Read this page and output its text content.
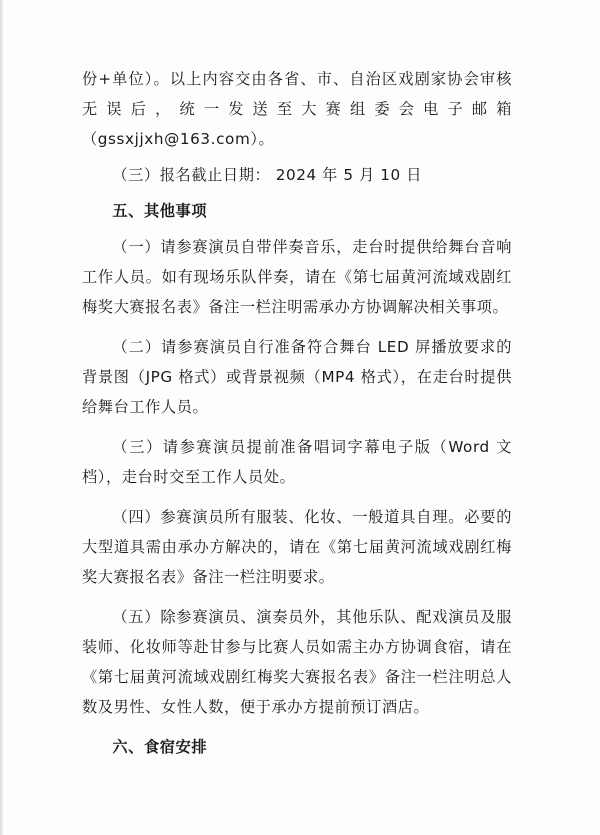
份+单位）。以上内容交由各省、市、自治区戏剧家协会审核无误后，统一发送至大赛组委会电子邮箱（gssxjjxh@163.com）。

（三）报名截止日期： 2024 年 5 月 10 日

五、其他事项

（一）请参赛演员自带伴奏音乐，走台时提供给舞台音响工作人员。如有现场乐队伴奏，请在《第七届黄河流域戏剧红梅奖大赛报名表》备注一栏注明需承办方协调解决相关事项。

（二）请参赛演员自行准备符合舞台 LED 屏播放要求的背景图（JPG 格式）或背景视频（MP4 格式），在走台时提供给舞台工作人员。

（三）请参赛演员提前准备唱词字幕电子版（Word 文档），走台时交至工作人员处。

（四）参赛演员所有服装、化妆、一般道具自理。必要的大型道具需由承办方解决的，请在《第七届黄河流域戏剧红梅奖大赛报名表》备注一栏注明要求。

（五）除参赛演员、演奏员外，其他乐队、配戏演员及服装师、化妆师等赴甘参与比赛人员如需主办方协调食宿，请在《第七届黄河流域戏剧红梅奖大赛报名表》备注一栏注明总人数及男性、女性人数，便于承办方提前预订酒店。

六、食宿安排
